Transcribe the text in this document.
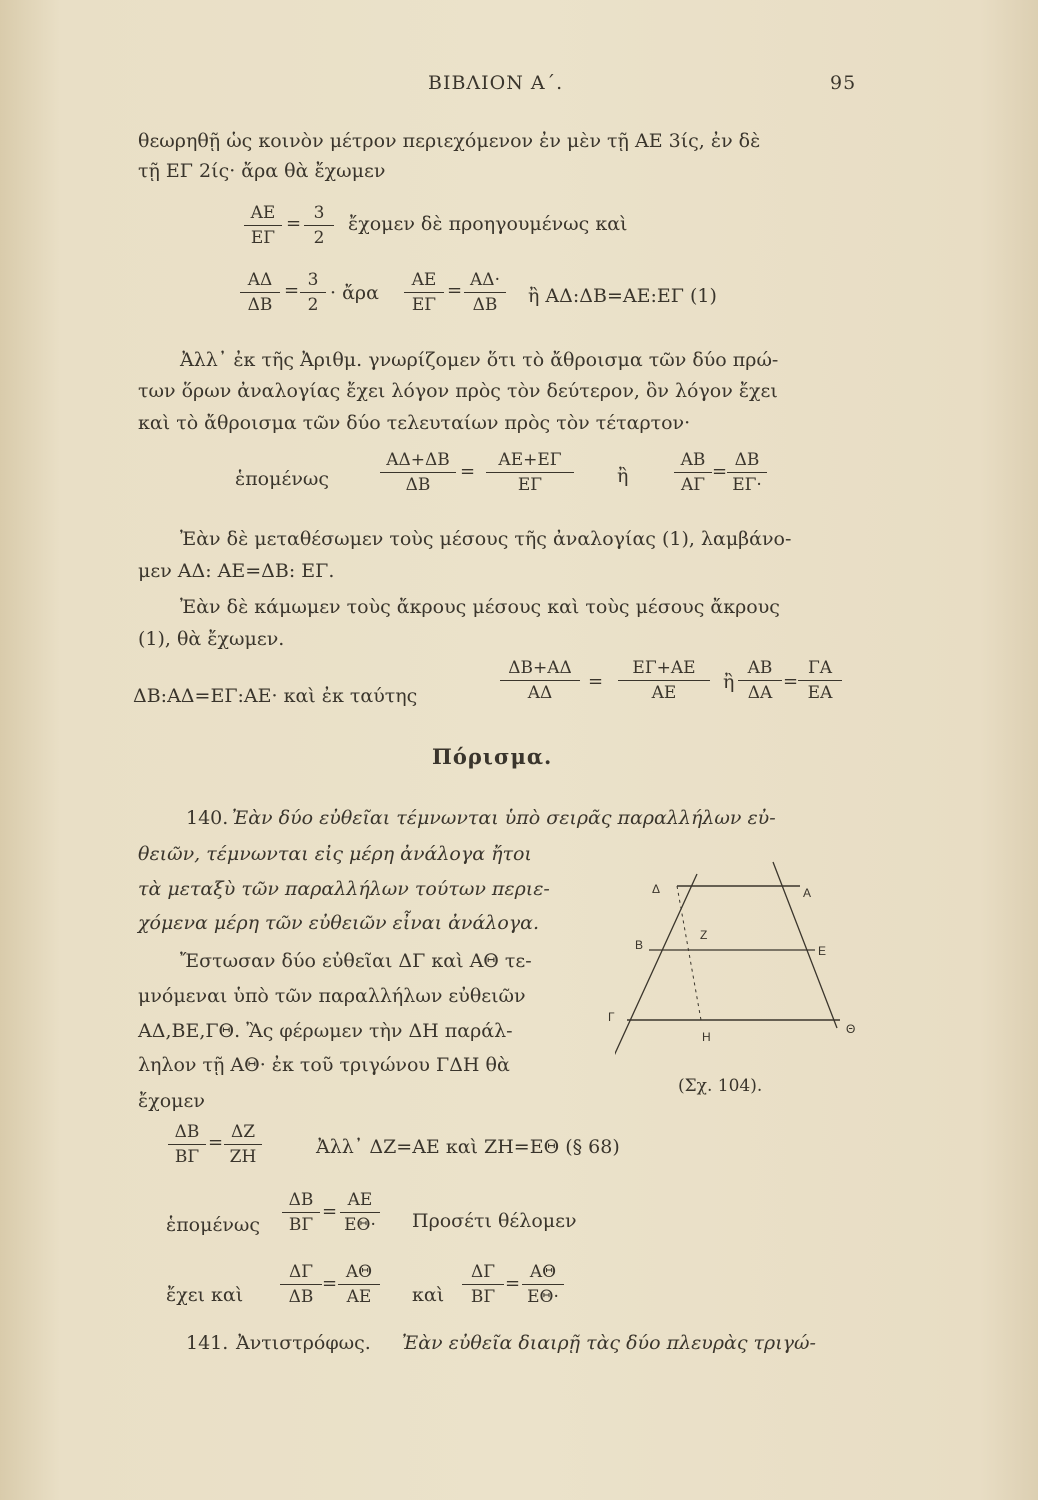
ΒΙΒΛΙΟΝ Α΄.	95
θεωρηθῇ ὡς κοινὸν μέτρον περιεχόμενον ἐν μὲν τῇ ΑΕ 3ίς, ἐν δὲ
τῇ ΕΓ 2ίς· ἄρα θὰ ἔχωμεν
$\frac{AE}{E\Gamma} = \frac{3}{2}$ ἔχομεν δὲ προηγουμένως καὶ
$\frac{A\Delta}{\Delta B} = \frac{3}{2}$ · ἄρα $\frac{AE}{E\Gamma} = \frac{A\Delta\cdot}{\Delta B}$ ἢ ΑΔ:ΔΒ=ΑΕ:ΕΓ (1)
Ἀλλ᾽ ἐκ τῆς Ἀριθμ. γνωρίζομεν ὅτι τὸ ἄθροισμα τῶν δύο πρώ-
των ὅρων ἀναλογίας ἔχει λόγον πρὸς τὸν δεύτερον, ὃν λόγον ἔχει
καὶ τὸ ἄθροισμα τῶν δύο τελευταίων πρὸς τὸν τέταρτον·
ἑπομένως	$\frac{A\Delta+\Delta B}{\Delta B} = \frac{AE+E\Gamma}{E\Gamma}$ ἢ	$\frac{AB}{A\Gamma} = \frac{\Delta B}{E\Gamma\cdot}$
Ἐὰν δὲ μεταθέσωμεν τοὺς μέσους τῆς ἀναλογίας (1), λαμβάνο-
μεν ΑΔ: ΑΕ=ΔΒ: ΕΓ.
Ἐὰν δὲ κάμωμεν τοὺς ἄκρους μέσους καὶ τοὺς μέσους ἄκρους
(1), θὰ ἔχωμεν.
ΔΒ:ΑΔ=ΕΓ:ΑΕ· καὶ ἐκ ταύτης	$\frac{\Delta B+A\Delta}{A\Delta} = \frac{E\Gamma+AE}{AE}$ ἢ $\frac{AB}{\Delta A} = \frac{\Gamma A}{EA}$
Πόρισμα.
140. Ἐὰν δύο εὐθεῖαι τέμνωνται ὑπὸ σειρᾶς παραλλήλων εὐ-
θειῶν, τέμνωνται εἰς μέρη ἀνάλογα ἤτοι
τὰ μεταξὺ τῶν παραλλήλων τούτων περιε-
χόμενα μέρη τῶν εὐθειῶν εἶναι ἀνάλογα.
Ἔστωσαν δύο εὐθεῖαι ΔΓ καὶ ΑΘ τε-
μνόμεναι ὑπὸ τῶν παραλλήλων εὐθειῶν
ΑΔ,ΒΕ,ΓΘ. Ἂς φέρωμεν τὴν ΔΗ παράλ-
ληλον τῇ ΑΘ· ἐκ τοῦ τριγώνου ΓΔΗ θὰ
ἔχομεν
Δ	Α
Ζ
Β	Ε
Γ
Η
Θ
(Σχ. 104).
$\frac{\Delta B}{B\Gamma} = \frac{\Delta Z}{ZH}$	Ἀλλ᾽ ΔΖ=ΑΕ καὶ ΖΗ=ΕΘ (§ 68)
ἑπομένως $\frac{\Delta B}{B\Gamma} = \frac{AE}{E\Theta\cdot}$ Προσέτι θέλομεν
ἔχει καὶ $\frac{\Delta\Gamma}{\Delta B} = \frac{A\Theta}{AE}$ καὶ $\frac{\Delta\Gamma}{B\Gamma} = \frac{A\Theta}{E\Theta\cdot}$
141. Ἀντιστρόφως. Ἐὰν εὐθεῖα διαιρῇ τὰς δύο πλευρὰς τριγώ-
